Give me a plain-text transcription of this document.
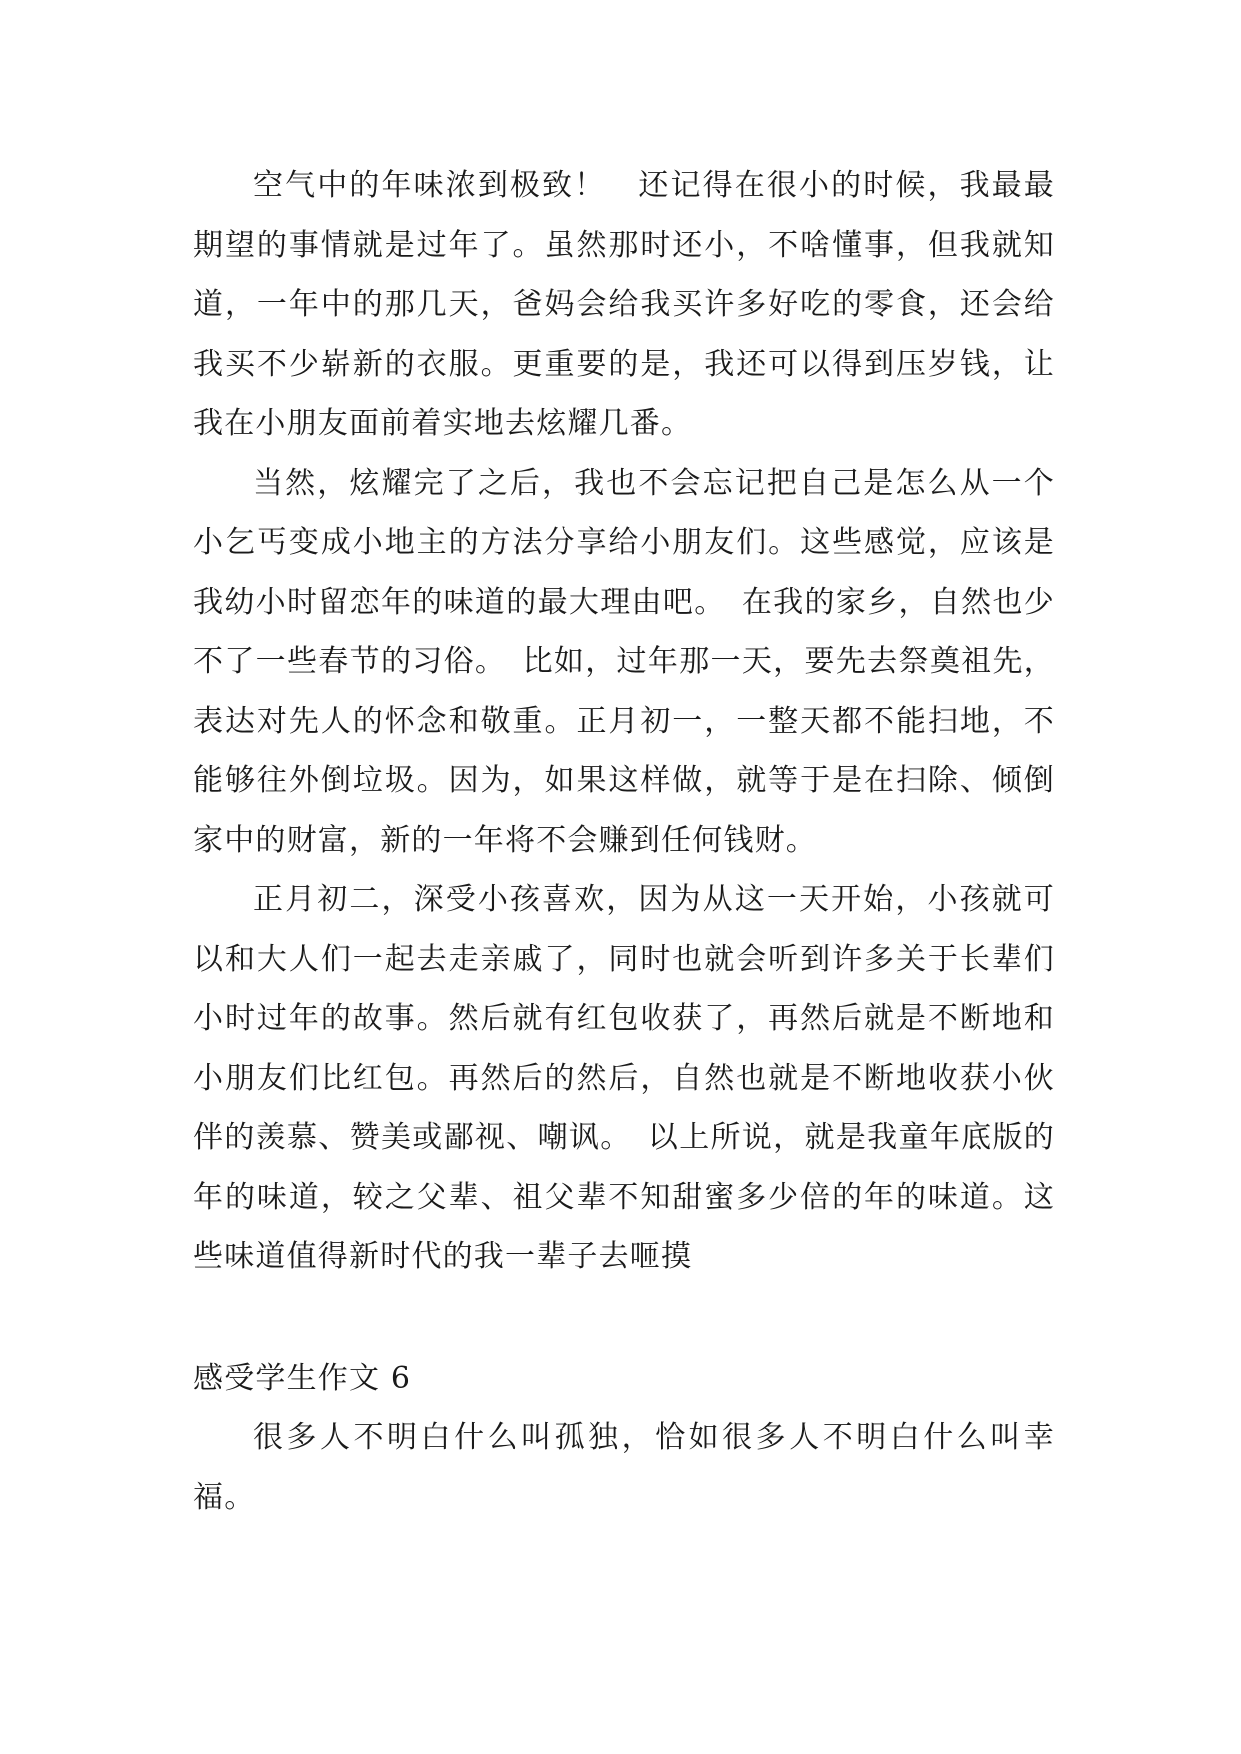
空气中的年味浓到极致！　还记得在很小的时候，我最最期望的事情就是过年了。虽然那时还小，不啥懂事，但我就知道，一年中的那几天，爸妈会给我买许多好吃的零食，还会给我买不少崭新的衣服。更重要的是，我还可以得到压岁钱，让我在小朋友面前着实地去炫耀几番。

当然，炫耀完了之后，我也不会忘记把自己是怎么从一个小乞丐变成小地主的方法分享给小朋友们。这些感觉，应该是我幼小时留恋年的味道的最大理由吧。　在我的家乡，自然也少不了一些春节的习俗。　比如，过年那一天，要先去祭奠祖先，表达对先人的怀念和敬重。正月初一，一整天都不能扫地，不能够往外倒垃圾。因为，如果这样做，就等于是在扫除、倾倒家中的财富，新的一年将不会赚到任何钱财。

正月初二，深受小孩喜欢，因为从这一天开始，小孩就可以和大人们一起去走亲戚了，同时也就会听到许多关于长辈们小时过年的故事。然后就有红包收获了，再然后就是不断地和小朋友们比红包。再然后的然后，自然也就是不断地收获小伙伴的羡慕、赞美或鄙视、嘲讽。　以上所说，就是我童年底版的年的味道，较之父辈、祖父辈不知甜蜜多少倍的年的味道。这些味道值得新时代的我一辈子去咂摸

感受学生作文 6

很多人不明白什么叫孤独，恰如很多人不明白什么叫幸福。
